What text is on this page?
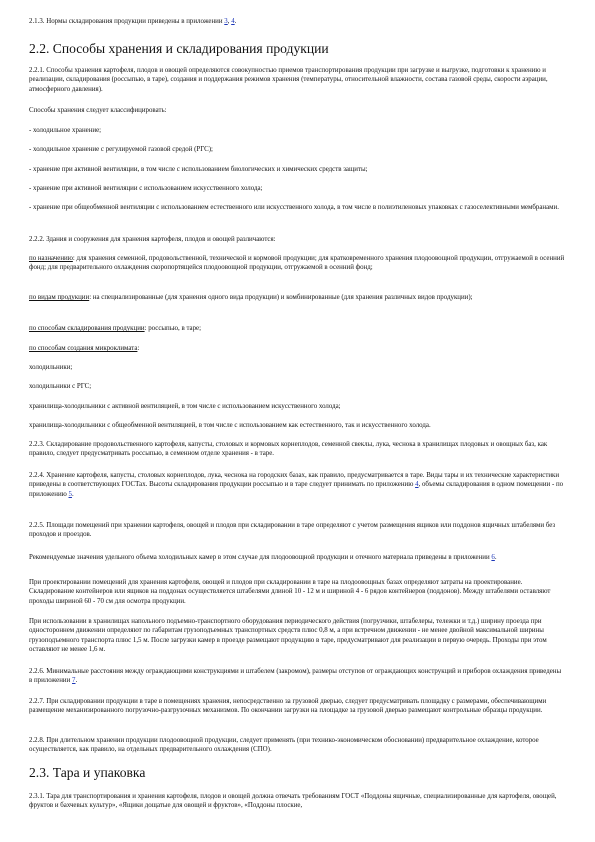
2.1.3. Нормы складирования продукции приведены в приложении 3, 4.

2.2. Способы хранения и складирования продукции

2.2.1. Способы хранения картофеля, плодов и овощей определяются совокупностью приемов транспортирования продукции при загрузке и выгрузке, подготовки к хранению и реализации, складирования (россыпью, в таре), создания и поддержания режимов хранения (температуры, относительной влажности, состава газовой среды, скорости аэрации, атмосферного давления).

Способы хранения следует классифицировать:

- холодильное хранение;

- холодильное хранение с регулируемой газовой средой (РГС);

- хранение при активной вентиляции, в том числе с использованием биологических и химических средств защиты;

- хранение при активной вентиляции с использованием искусственного холода;

- хранение при общеобменной вентиляции с использованием естественного или искусственного холода, в том числе в полиэтиленовых упаковках с газоселективными мембранами.

2.2.2. Здания и сооружения для хранения картофеля, плодов и овощей различаются:

по назначению: для хранения семенной, продовольственной, технической и кормовой продукции; для кратковременного хранения плодоовощной продукции, отгружаемой в осенний фонд; для предварительного охлаждения скоропортящейся плодоовощной продукции, отгружаемой в осенний фонд;

по видам продукции: на специализированные (для хранения одного вида продукции) и комбинированные (для хранения различных видов продукции);

по способам складирования продукции: россыпью, в таре;

по способам создания микроклимата:

холодильники;

холодильники с РГС;

хранилища-холодильники с активной вентиляцией, в том числе с использованием искусственного холода;

хранилища-холодильники с общеобменной вентиляцией, в том числе с использованием как естественного, так и искусственного холода.

2.2.3. Складирование продовольственного картофеля, капусты, столовых и кормовых корнеплодов, семенной свеклы, лука, чеснока в хранилищах плодовых и овощных баз, как правило, следует предусматривать россыпью, в семенном отделе хранения - в таре.

2.2.4. Хранение картофеля, капусты, столовых корнеплодов, лука, чеснока на городских базах, как правило, предусматривается в таре. Виды тары и их технические характеристики приведены в соответствующих ГОСТах. Высоты складирования продукции россыпью и в таре следует принимать по приложению 4, объемы складирования в одном помещении - по приложению 5.

2.2.5. Площади помещений при хранении картофеля, овощей и плодов при складировании в таре определяют с учетом размещения ящиков или поддонов ящичных штабелями без проходов и проездов.

Рекомендуемые значения удельного объема холодильных камер в этом случае для плодоовощной продукции и отечного материала приведены в приложении 6.

При проектировании помещений для хранения картофеля, овощей и плодов при складировании в таре на плодоовощных базах определяют затраты на проектирование. Складирование контейнеров или ящиков на поддонах осуществляется штабелями длиной 10 - 12 м и шириной 4 - 6 рядов контейнеров (поддонов). Между штабелями оставляют проходы шириной 60 - 70 см для осмотра продукции.

При использовании в хранилищах напольного подъемно-транспортного оборудования периодического действия (погрузчики, штабелеры, тележки и т.д.) ширину проезда при одностороннем движении определяют по габаритам грузоподъемных транспортных средств плюс 0,8 м, а при встречном движении - не менее двойной максимальной ширины грузоподъемного транспорта плюс 1,5 м. После загрузки камер в проезде размещают продукцию в таре, предусматривают для реализации в первую очередь. Проходы при этом оставляют не менее 1,6 м.

2.2.6. Минимальные расстояния между ограждающими конструкциями и штабелем (закромом), размеры отступов от ограждающих конструкций и приборов охлаждения приведены в приложении 7.

2.2.7. При складировании продукции в таре в помещениях хранения, непосредственно за грузовой дверью, следует предусматривать площадку с размерами, обеспечивающими размещение механизированного погрузочно-разгрузочных механизмов. По окончании загрузки на площадке за грузовой дверью размещают контрольные образцы продукции.

2.2.8. При длительном хранении продукции плодоовощной продукции, следует применять (при технико-экономическом обосновании) предварительное охлаждение, которое осуществляется, как правило, на отдельных предварительного охлаждения (СПО).

2.3. Тара и упаковка

2.3.1. Тара для транспортирования и хранения картофеля, плодов и овощей должна отвечать требованиям ГОСТ «Поддоны ящичные, специализированные для картофеля, овощей, фруктов и бахчевых культур», «Ящики дощатые для овощей и фруктов», «Поддоны плоские,
